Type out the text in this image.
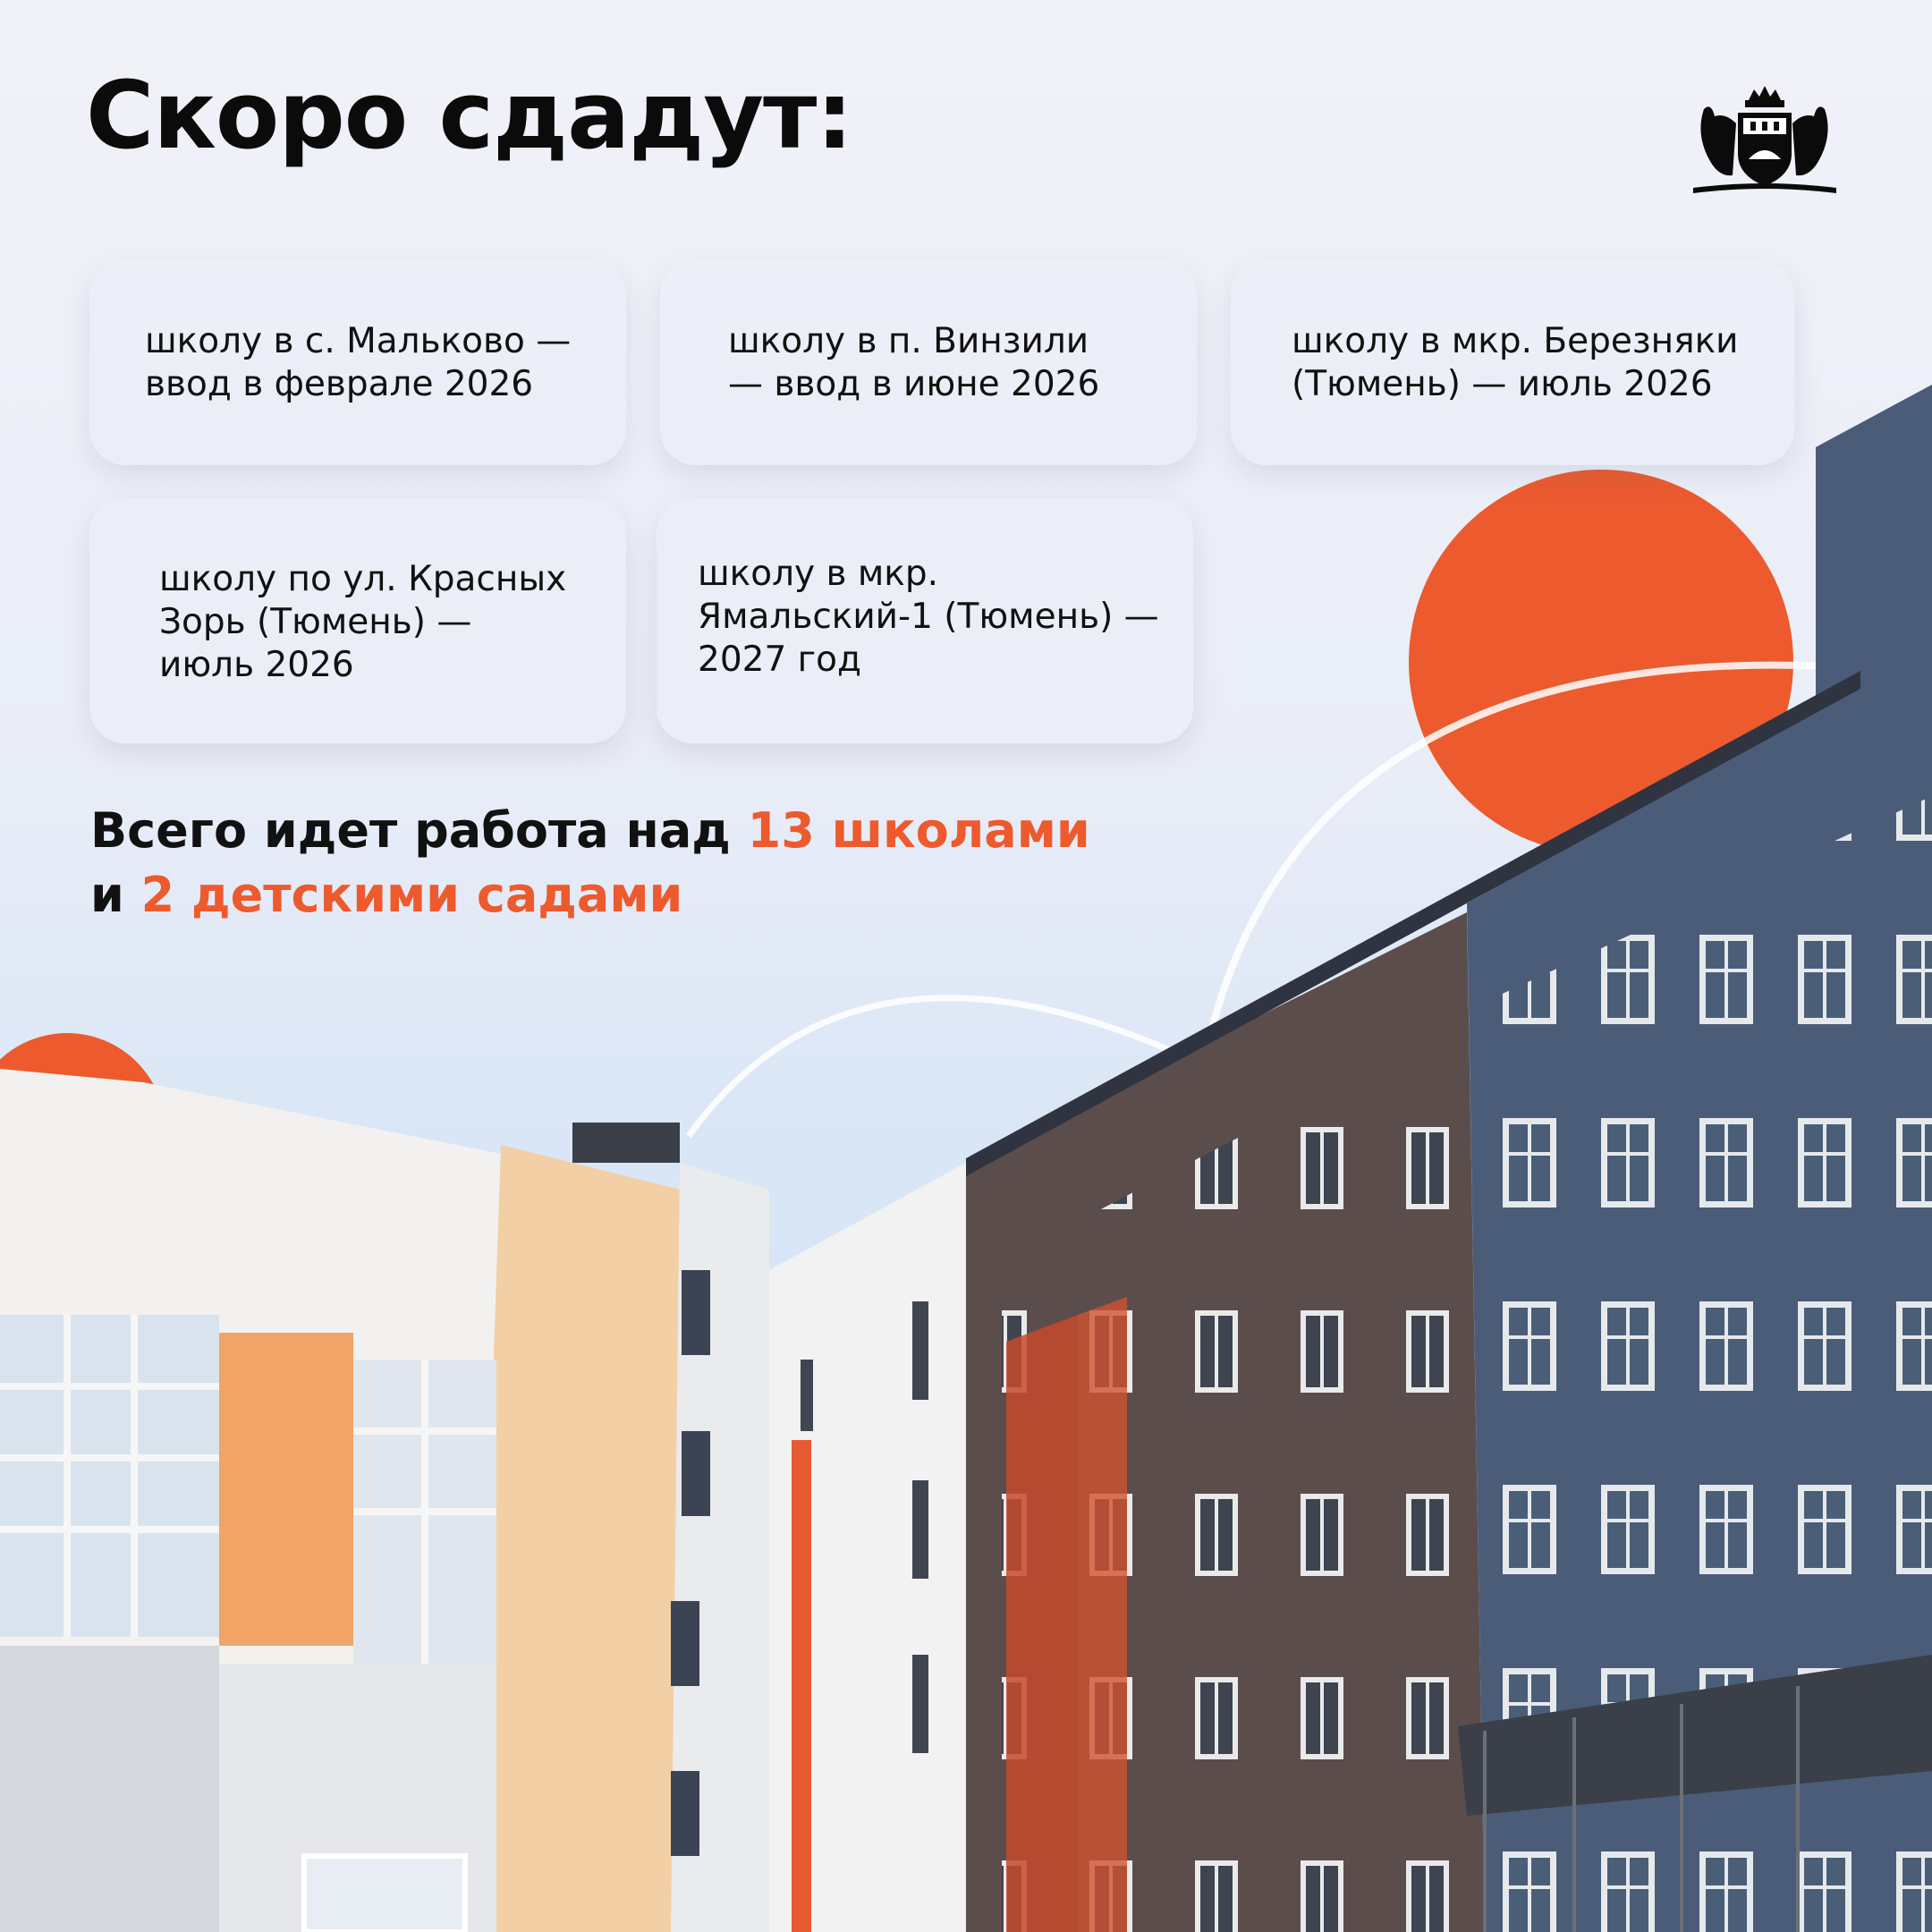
Скоро сдадут:

школу в с. Мальково — ввод в феврале 2026

школу в п. Винзили — ввод в июне 2026

школу в мкр. Березняки (Тюмень) — июль 2026

школу по ул. Красных Зорь (Тюмень) — июль 2026

школу в мкр. Ямальский-1 (Тюмень) — 2027 год

Всего идет работа над 13 школами
и 2 детскими садами
